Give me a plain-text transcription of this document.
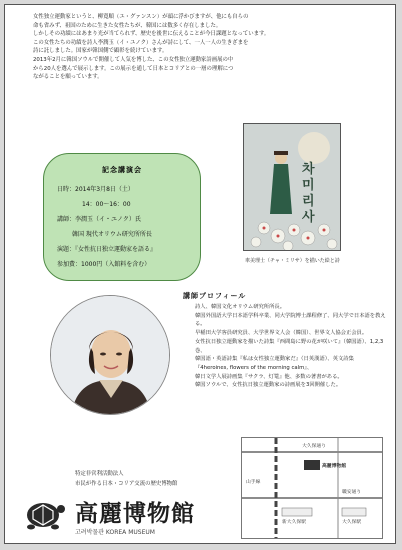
女性独立運動家というと、柳寛順（ユ・グァンスン）が頭に浮かびますが、他にも自らの

命も省みず、祖国のために生きた女性たちが、韓国には数多く存在しました。

しかしその功績にはあまり光が当てられず、歴史を後世に伝えることが今日課題となっています。

この女性たちの功績を詩人李潤玉（イ・ユノク）さんが詩にして、一人一人の生きざまを

詩に託しました。国家が韓国側で顕彰を続けています。

2013年2月に韓国ソウルで開催して人気を博した、この女性独立運動家詩画展の中

から20人を選んで展示します。この展示を通して日本とコリアとの一層の理解につ

ながることを願っています。

記念講演会
日時：2014年3月8日（土）
14：00～16：00
講師：李潤玉（イ・ユノク）氏
韓国 現代オリウム研究所所長
演題：『女性抗日独立運動家を語る』
参加費：1000円（入館料を含む）
차미리사
車美理士（チャ・ミリサ）を描いた絵と詩
講師プロフィール

詩人、韓国文化オリウム研究所所長。

韓国外国語大学日本語学科卒業、同大学院博士課程修了、同大学で日本語を教える。

早稲田大学客員研究員、大学世界文人会（韓国）、世界文人協会正会員。

女性抗日独立運動家を描いた詩集『西間島に野の花が咲いて』（韓国語）、1,2,3巻、

韓国語・英語詩集『私は女性独立運動家だ』（日英漢語）、英文詩集

『4heroines, flowers of the morning calm』、

韓日文学人展詩画集『サクラ、灯篭』他、多数の著書がある。

韓国ソウルで、女性抗日独立運動家の詩画展を3回開催した。

大久保通り
高麗博物館
新大久保駅	大久保駅
職安通り
山手線
特定非営利活動法人
市民が作る日本・コリア交流の歴史博物館
高麗博物館
고려박물관 KOREA MUSEUM
